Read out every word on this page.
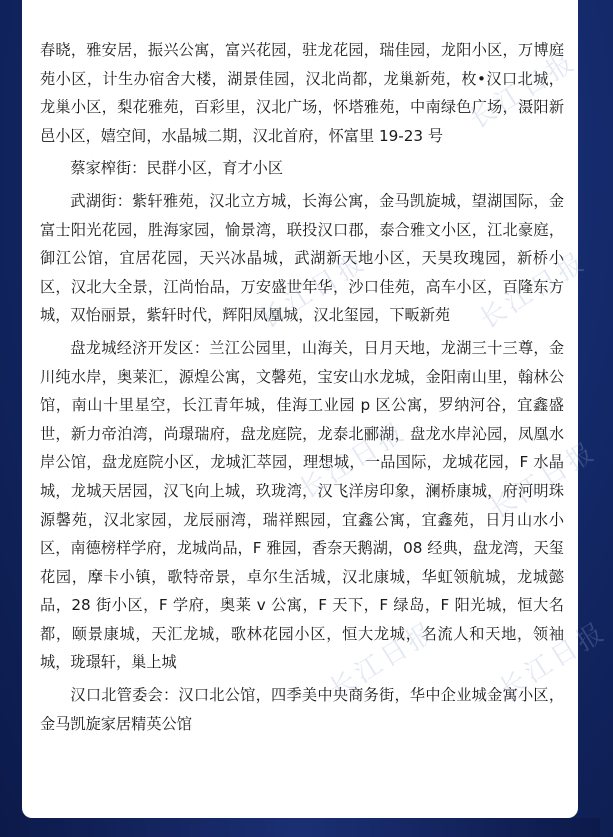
长江日报
长江日报	长江日报
长江日报	长江日报
长江日报 长江日报

春晓，雅安居，振兴公寓，富兴花园，驻龙花园，瑞佳园，龙阳小区，万博庭苑小区，计生办宿舍大楼，湖景佳园，汉北尚都，龙巢新苑，枚•汉口北城，龙巢小区，梨花雅苑，百彩里，汉北广场，怀塔雅苑，中南绿色广场，滠阳新邑小区，嬉空间，水晶城二期，汉北首府，怀富里 19-23 号

蔡家榨街：民群小区，育才小区

武湖街：紫轩雅苑，汉北立方城，长海公寓，金马凯旋城，望湖国际，金富士阳光花园，胜海家园，愉景湾，联投汉口郡，泰合雅文小区，江北豪庭，御江公馆，宜居花园，天兴冰晶城，武湖新天地小区，天昊玫瑰园，新桥小区，汉北大全景，江尚怡品，万安盛世年华，沙口佳苑，高车小区，百隆东方城，双怡丽景，紫轩时代，辉阳凤凰城，汉北玺园，下畈新苑

盘龙城经济开发区：兰江公园里，山海关，日月天地，龙湖三十三尊，金川纯水岸，奥莱汇，源煌公寓，文馨苑，宝安山水龙城，金阳南山里，翰林公馆，南山十里星空，长江青年城，佳海工业园 p 区公寓，罗纳河谷，宜鑫盛世，新力帝泊湾，尚璟瑞府，盘龙庭院，龙泰北郦湖，盘龙水岸沁园，凤凰水岸公馆，盘龙庭院小区，龙城汇萃园，理想城，一品国际，龙城花园，F 水晶城，龙城天居园，汉飞向上城，玖珑湾，汉飞洋房印象，澜桥康城，府河明珠源馨苑，汉北家园，龙辰丽湾，瑞祥熙园，宜鑫公寓，宜鑫苑，日月山水小区，南德榜样学府，龙城尚品，F 雅园，香奈天鹅湖，08 经典，盘龙湾，天玺花园，摩卡小镇，歌特帝景，卓尔生活城，汉北康城，华虹领航城，龙城懿品，28 街小区，F 学府，奥莱 v 公寓，F 天下，F 绿岛，F 阳光城，恒大名都，颐景康城，天汇龙城，歌林花园小区，恒大龙城，名流人和天地，领袖城，珑璟轩，巢上城

汉口北管委会：汉口北公馆，四季美中央商务街，华中企业城金寓小区，金马凯旋家居精英公馆
